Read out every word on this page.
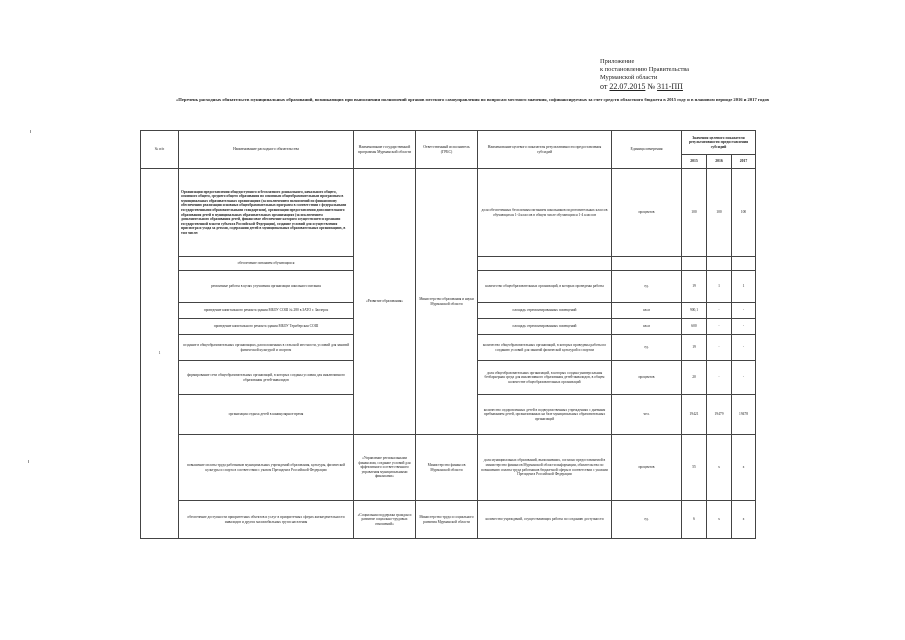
Приложение
к постановлению Правительства
Мурманской области
от 22.07.2015 № 311-ПП
«Перечень расходных обязательств муниципальных образований, возникающих при выполнении полномочий органов местного самоуправления по вопросам местного значения, софинансируемых за счет средств областного бюджета в 2015 году и в плановом периоде 2016 и 2017 годов
№ п/п	Наименование расходного обязательства	Наименование государственной программы Мурманской области	Ответственный исполнитель (ГРБС)	Наименование целевого показателя результативности предоставления субсидий	Единица измерения	Значения целевого показателя результативности предоставления субсидий		
						2015	2016	2017
1	Организация предоставления общедоступного и бесплатного дошкольного, начального общего, основного общего, среднего общего образования по основным общеобразовательным программам в муниципальных образовательных организациях (за исключением полномочий по финансовому обеспечению реализации основных общеобразовательных программ в соответствии с федеральными государственными образовательными стандартами), организация предоставления дополнительного образования детей в муниципальных образовательных организациях (за исключением дополнительного образования детей, финансовое обеспечение которого осуществляется органами государственной власти субъекта Российской Федерации), создание условий для осуществления присмотра и ухода за детьми, содержания детей в муниципальных образовательных организациях, в том числе:	«Развитие образования»	Министерство образования и науки Мурманской области	доля обеспеченных бесплатным питанием школьников подготовительных классов обучающихся 1-4 классов в общем числе обучающихся 1-4 классов	процентов	100	100	100
	обеспечение питанием обучающихся							
	ремонтные работы в целях улучшения организации школьного питания			количество общеобразовательных организаций, в которых проведены работы	ед.	19	1	1
	проведение капитального ремонта здания МБОУ СОШ № 280 в ЗАТО г. Заозерск			площадь отремонтированных помещений	кв.м	900,1	-	-
	проведение капитального ремонта здания МБОУ Териберская СОШ			площадь отремонтированных помещений	кв.м	600	-	-
	создание в общеобразовательных организациях, расположенных в сельской местности, условий для занятий физической культурой и спортом			количество общеобразовательных организаций, в которых проведены работы по созданию условий для занятий физической культурой и спортом	ед.	19	-	-
	формирование сети общеобразовательных организаций, в которых созданы условия для инклюзивного образования детей-инвалидов			доля общеобразовательных организаций, в которых создана универсальная безбарьерная среда для инклюзивного образования детей-инвалидов, в общем количестве общеобразовательных организаций	процентов	20	-	-
	организация отдыха детей в каникулярное время			количество оздоровленных детей в подведомственных учреждениях с дневным пребыванием детей, организованных на базе муниципальных образовательных организаций	чел.	19421	19479	19478
	повышение оплаты труда работников муниципальных учреждений образования, культуры, физической культуры и спорта в соответствии с указом Президента Российской Федерации	«Управление региональными финансами, создание условий для эффективного и ответственного управления муниципальными финансами»	Министерство финансов Мурманской области	доля муниципальных образований, выполнивших, согласно предоставляемой в министерство финансов Мурманской области информации, обязательства по повышению оплаты труда работников бюджетной сферы в соответствии с указами Президента Российской Федерации	процентов	55	х	х
	обеспечение доступности приоритетных объектов и услуг в приоритетных сферах жизнедеятельности инвалидов и других маломобильных групп населения	«Социальная поддержка граждан и развитие социально-трудовых отношений»	Министерство труда и социального развития Мурманской области	количество учреждений, осуществляющих работы по созданию доступности	ед.	6	х	х
